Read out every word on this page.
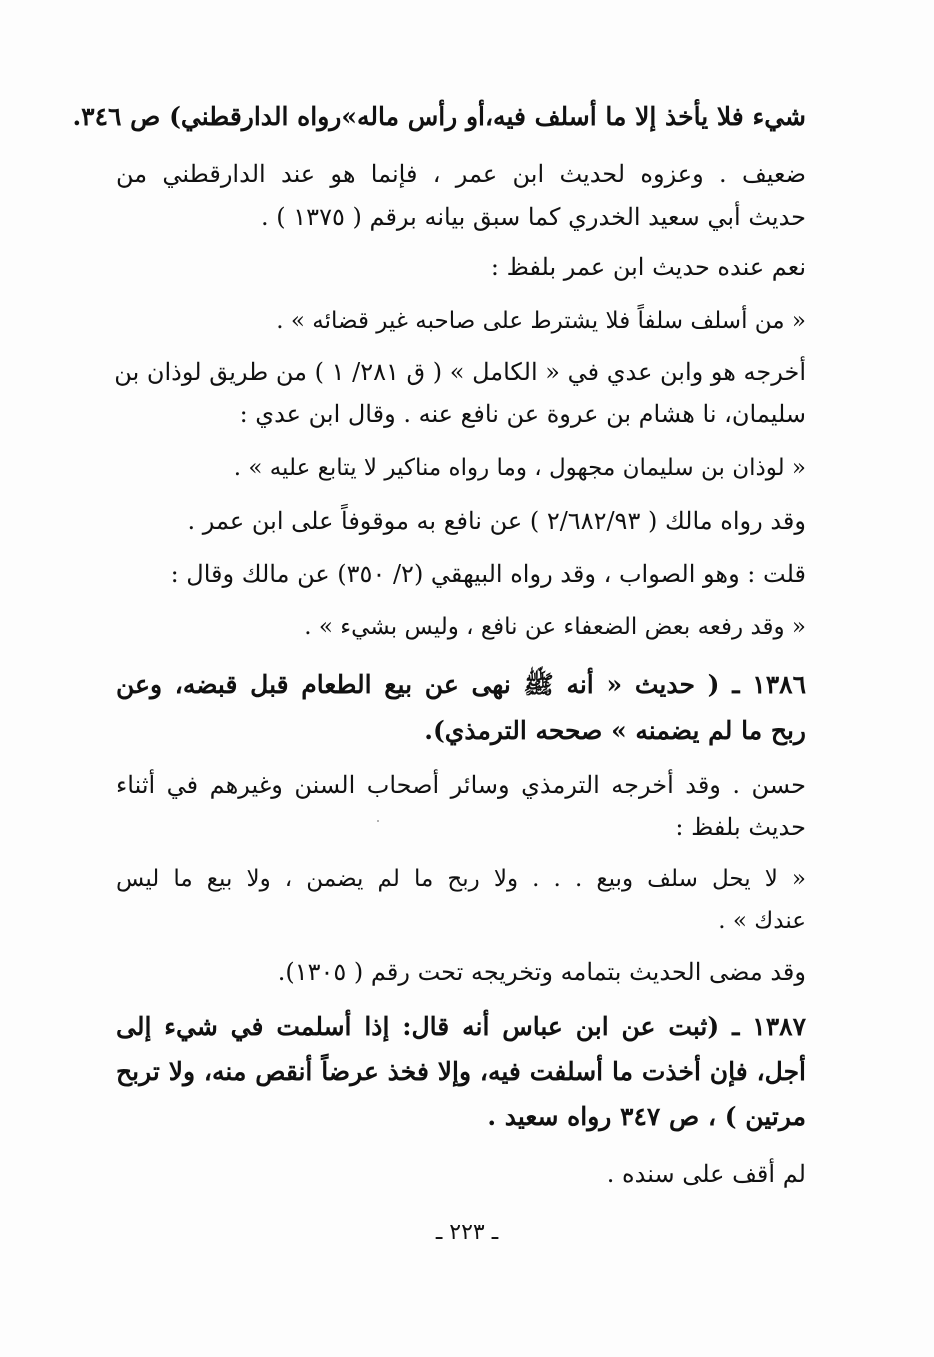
شيء فلا يأخذ إلا ما أسلف فيه،أو رأس ماله»رواه الدارقطني) ص ٣٤٦.
ضعيف . وعزوه لحديث ابن عمر ، فإنما هو عند الدارقطني من
حديث أبي سعيد الخدري كما سبق بيانه برقم ( ١٣٧٥ ) .
نعم عنده حديث ابن عمر بلفظ :
« من أسلف سلفاً فلا يشترط على صاحبه غير قضائه » .
أخرجه هو وابن عدي في « الكامل » ( ق ٢٨١/ ١ ) من طريق لوذان بن
سليمان، نا هشام بن عروة عن نافع عنه . وقال ابن عدي :
« لوذان بن سليمان مجهول ، وما رواه مناكير لا يتابع عليه » .
وقد رواه مالك ( ٢/٦٨٢/٩٣ ) عن نافع به موقوفاً على ابن عمر .
قلت : وهو الصواب ، وقد رواه البيهقي (٢/ ٣٥٠) عن مالك وقال :
« وقد رفعه بعض الضعفاء عن نافع ، وليس بشيء » .
١٣٨٦ ـ ( حديث « أنه ﷺ نهى عن بيع الطعام قبل قبضه، وعن
ربح ما لم يضمنه » صححه الترمذي).
حسن . وقد أخرجه الترمذي وسائر أصحاب السنن وغيرهم في أثناء
حديث بلفظ :
« لا يحل سلف وبيع . . . ولا ربح ما لم يضمن ، ولا بيع ما ليس
عندك » .
وقد مضى الحديث بتمامه وتخريجه تحت رقم ( ١٣٠٥).
١٣٨٧ ـ (ثبت عن ابن عباس أنه قال: إذا أسلمت في شيء إلى
أجل، فإن أخذت ما أسلفت فيه، وإلا فخذ عرضاً أنقص منه، ولا تربح
مرتين ) ، ص ٣٤٧ رواه سعيد .
لم أقف على سنده .
ـ ٢٢٣ ـ
